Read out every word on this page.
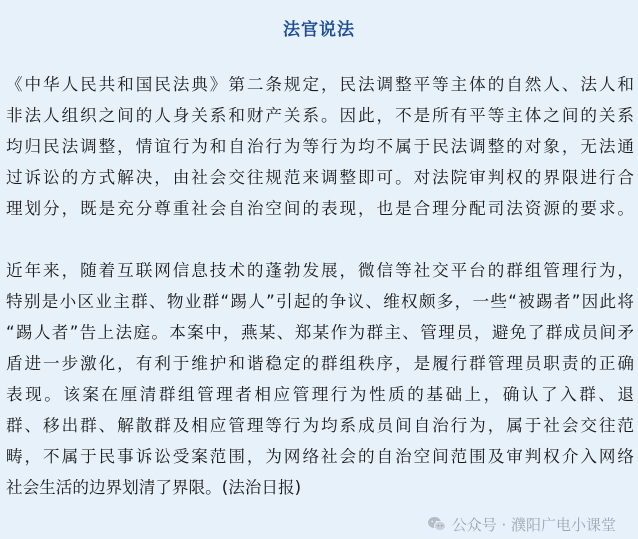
法官说法
《中华人民共和国民法典》第二条规定，民法调整平等主体的自然人、法人和
非法人组织之间的人身关系和财产关系。因此，不是所有平等主体之间的关系
均归民法调整，情谊行为和自治行为等行为均不属于民法调整的对象，无法通
过诉讼的方式解决，由社会交往规范来调整即可。对法院审判权的界限进行合
理划分，既是充分尊重社会自治空间的表现，也是合理分配司法资源的要求。
近年来，随着互联网信息技术的蓬勃发展，微信等社交平台的群组管理行为，
特别是小区业主群、物业群“踢人”引起的争议、维权颇多，一些“被踢者”因此将
“踢人者”告上法庭。本案中，燕某、郑某作为群主、管理员，避免了群成员间矛
盾进一步激化，有利于维护和谐稳定的群组秩序，是履行群管理员职责的正确
表现。该案在厘清群组管理者相应管理行为性质的基础上，确认了入群、退
群、移出群、解散群及相应管理等行为均系成员间自治行为，属于社会交往范
畴，不属于民事诉讼受案范围，为网络社会的自治空间范围及审判权介入网络
社会生活的边界划清了界限。(法治日报)
公众号 · 濮阳广电小课堂
